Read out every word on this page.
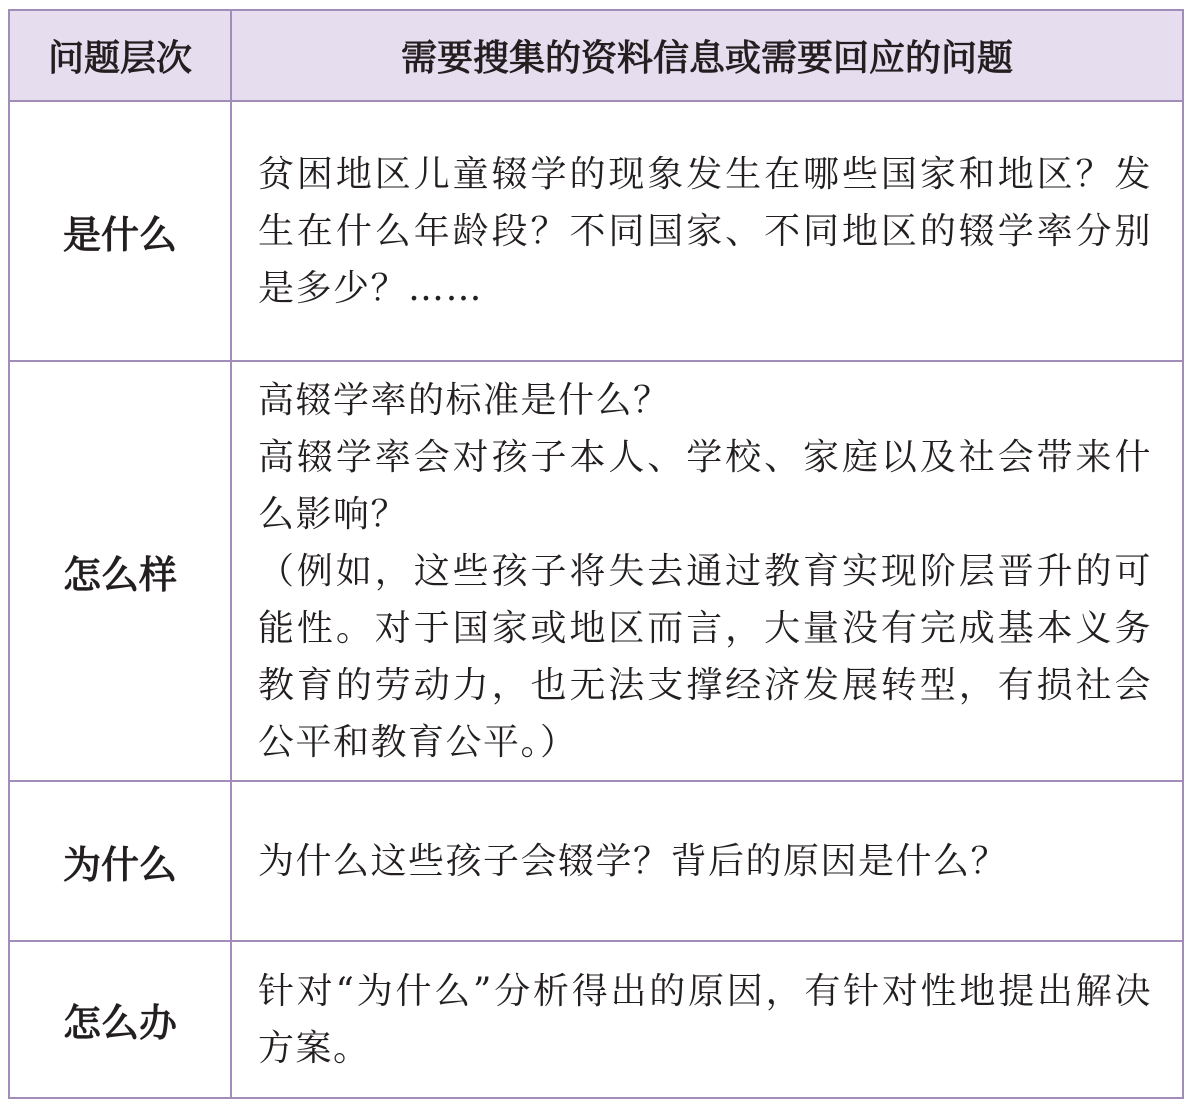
问题层次	需要搜集的资料信息或需要回应的问题
是什么

贫困地区儿童辍学的现象发生在哪些国家和地区？发生在什么年龄段？不同国家、不同地区的辍学率分别是多少？……

怎么样

高辍学率的标准是什么？

高辍学率会对孩子本人、学校、家庭以及社会带来什么影响？

（例如，这些孩子将失去通过教育实现阶层晋升的可能性。对于国家或地区而言，大量没有完成基本义务教育的劳动力，也无法支撑经济发展转型，有损社会公平和教育公平。）

为什么 为什么这些孩子会辍学？背后的原因是什么？

怎么办

针对“为什么”分析得出的原因，有针对性地提出解决方案。
